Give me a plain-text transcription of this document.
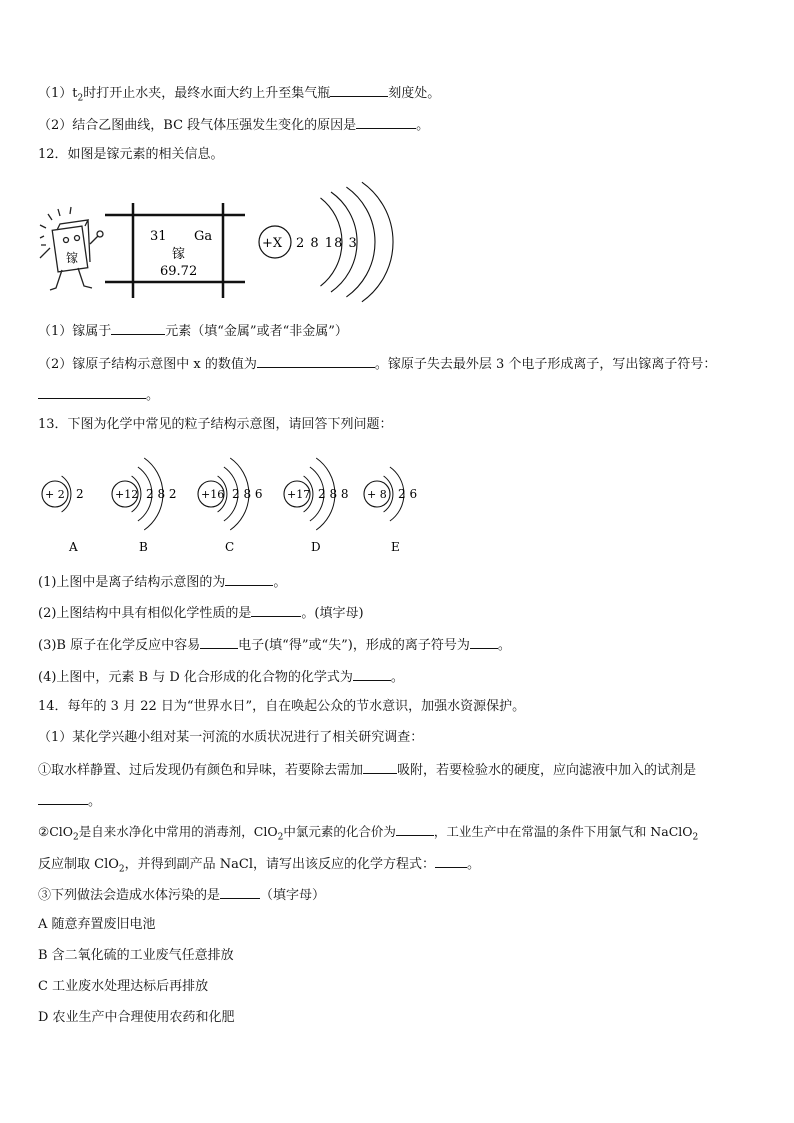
$(1)t_2$时打开止水夹，最终水面大约上升至集气瓶	刻度处。
（2）结合乙图曲线，BC 段气体压强发生变化的原因是	。
12．如图是镓元素的相关信息。
镓
31 Ga
镓
69.72
+X 2 8 18 3
+ 2 2
A
+12 2 8 2
B
+16 2 8 6
C
+17 2 8 8
D
+ 8 2 6
E
（1）镓属于	元素（填“金属”或者“非金属”）
（2）镓原子结构示意图中 x 的数值为	。镓原子失去最外层 3 个电子形成离子，写出镓离子符号：
。
13．下图为化学中常见的粒子结构示意图，请回答下列问题：
(1)上图中是离子结构示意图的为	。
(2)上图结构中具有相似化学性质的是	。(填字母)
(3)B 原子在化学反应中容易	电子(填“得”或“失”)，形成的离子符号为 。
(4)上图中，元素 B 与 D 化合形成的化合物的化学式为	。
14．每年的 3 月 22 日为“世界水日”，自在唤起公众的节水意识，加强水资源保护。
（1）某化学兴趣小组对某一河流的水质状况进行了相关研究调查：
①取水样静置、过后发现仍有颜色和异味，若要除去需加	吸附，若要检验水的硬度，应向滤液中加入的试剂是
。
②ClO$_2$是自来水净化中常用的消毒剂，ClO$_2$中氯元素的化合价为	，工业生产中在常温的条件下用氯气和 NaClO$_2$
反应制取 ClO$_2$，并得到副产品 NaCl，请写出该反应的化学方程式： 。
③下列做法会造成水体污染的是	（填字母）
A 随意弃置废旧电池
B 含二氧化硫的工业废气任意排放
C 工业废水处理达标后再排放
D 农业生产中合理使用农药和化肥
